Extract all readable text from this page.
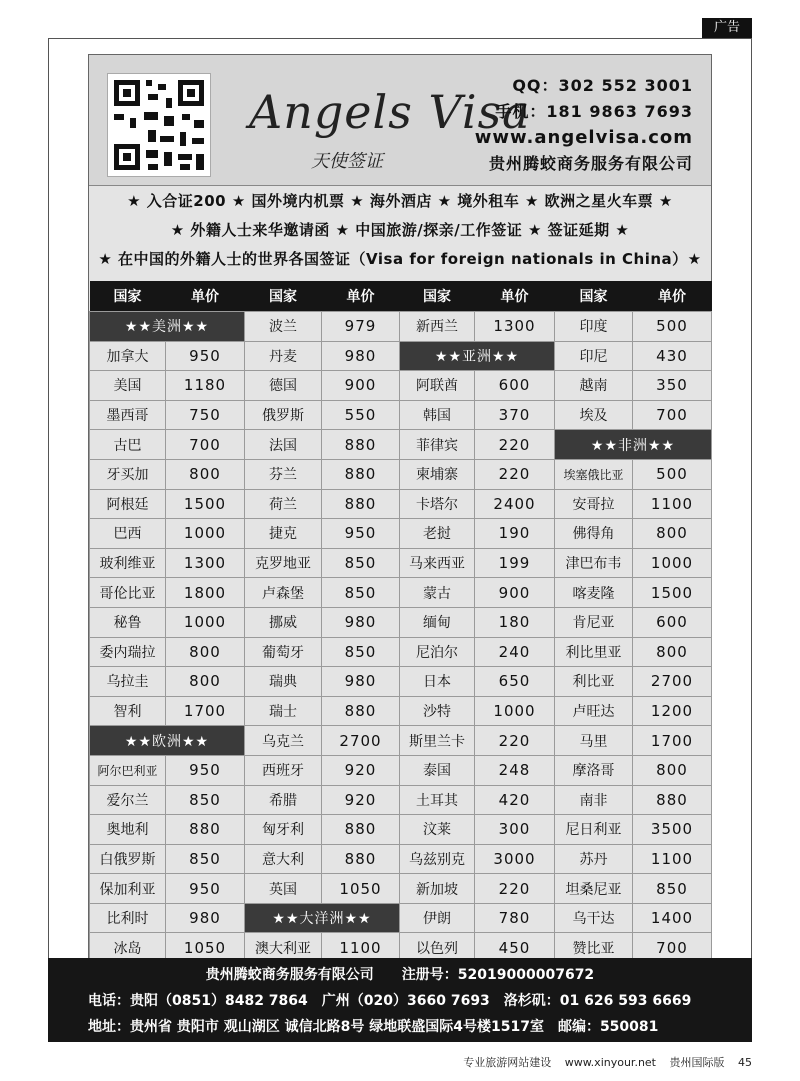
广告
Angels Visa
天使签证
QQ：302 552 3001
手机：181 9863 7693
www.angelvisa.com
贵州腾蛟商务服务有限公司
★ 入合证200 ★ 国外境内机票 ★ 海外酒店 ★ 境外租车 ★ 欧洲之星火车票 ★
★ 外籍人士来华邀请函 ★ 中国旅游/探亲/工作签证 ★ 签证延期 ★
★ 在中国的外籍人士的世界各国签证（Visa for foreign nationals in China）★
国家	单价	国家	单价	国家	单价	国家	单价
★★美洲★★		波兰	979	新西兰	1300	印度	500
加拿大	950	丹麦	980	★★亚洲★★		印尼	430
美国	1180	德国	900	阿联酋	600	越南	350
墨西哥	750	俄罗斯	550	韩国	370	埃及	700
古巴	700	法国	880	菲律宾	220	★★非洲★★	
牙买加	800	芬兰	880	柬埔寨	220	埃塞俄比亚	500
阿根廷	1500	荷兰	880	卡塔尔	2400	安哥拉	1100
巴西	1000	捷克	950	老挝	190	佛得角	800
玻利维亚	1300	克罗地亚	850	马来西亚	199	津巴布韦	1000
哥伦比亚	1800	卢森堡	850	蒙古	900	喀麦隆	1500
秘鲁	1000	挪威	980	缅甸	180	肯尼亚	600
委内瑞拉	800	葡萄牙	850	尼泊尔	240	利比里亚	800
乌拉圭	800	瑞典	980	日本	650	利比亚	2700
智利	1700	瑞士	880	沙特	1000	卢旺达	1200
★★欧洲★★		乌克兰	2700	斯里兰卡	220	马里	1700
阿尔巴利亚	950	西班牙	920	泰国	248	摩洛哥	800
爱尔兰	850	希腊	920	土耳其	420	南非	880
奥地利	880	匈牙利	880	汶莱	300	尼日利亚	3500
白俄罗斯	850	意大利	880	乌兹别克	3000	苏丹	1100
保加利亚	950	英国	1050	新加坡	220	坦桑尼亚	850
比利时	980	★★大洋洲★★		伊朗	780	乌干达	1400
冰岛	1050	澳大利亚	1100	以色列	450	赞比亚	700
贵州腾蛟商务服务有限公司　　注册号：52019000007672
电话：贵阳（0851）8482 7864　广州（020）3660 7693　洛杉矶：01 626 593 6669
地址：贵州省 贵阳市 观山湖区 诚信北路8号 绿地联盛国际4号楼1517室　邮编：550081
专业旅游网站建设 www.xinyour.net 贵州国际版 45
